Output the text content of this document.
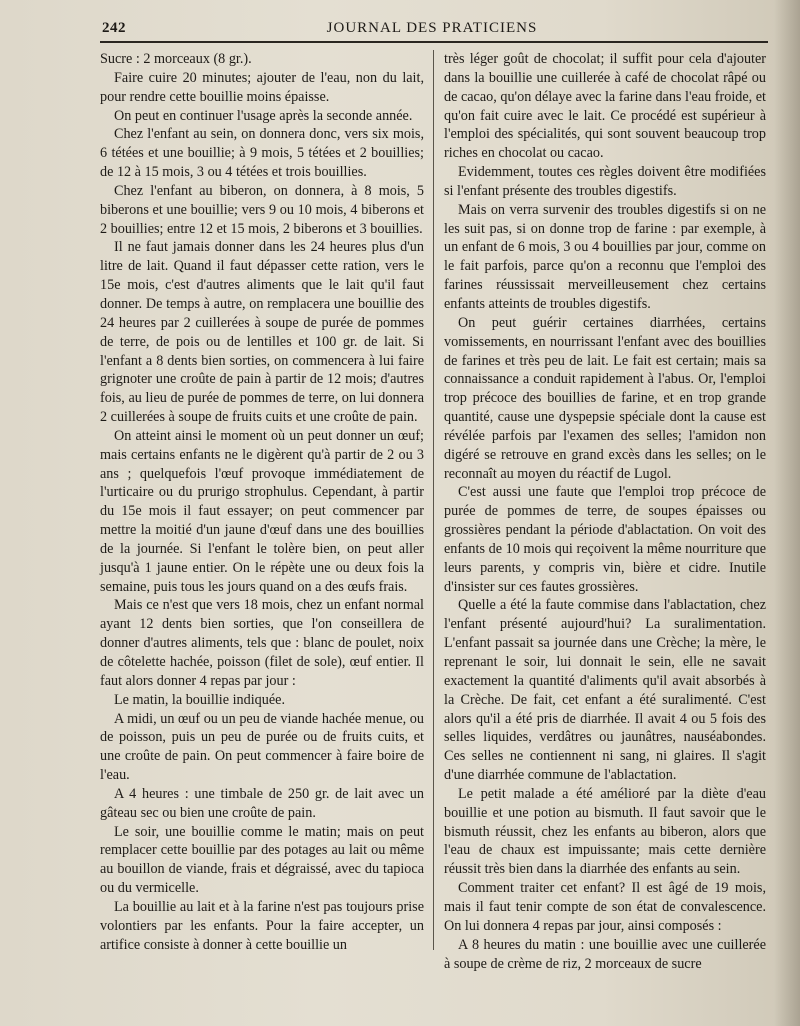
242	JOURNAL DES PRATICIENS

Sucre : 2 morceaux (8 gr.).

Faire cuire 20 minutes; ajouter de l'eau, non du lait, pour rendre cette bouillie moins épaisse.

On peut en continuer l'usage après la seconde année.

Chez l'enfant au sein, on donnera donc, vers six mois, 6 tétées et une bouillie; à 9 mois, 5 tétées et 2 bouillies; de 12 à 15 mois, 3 ou 4 tétées et trois bouillies.

Chez l'enfant au biberon, on donnera, à 8 mois, 5 biberons et une bouillie; vers 9 ou 10 mois, 4 biberons et 2 bouillies; entre 12 et 15 mois, 2 biberons et 3 bouillies.

Il ne faut jamais donner dans les 24 heures plus d'un litre de lait. Quand il faut dépasser cette ration, vers le 15e mois, c'est d'autres aliments que le lait qu'il faut donner. De temps à autre, on remplacera une bouillie des 24 heures par 2 cuillerées à soupe de purée de pommes de terre, de pois ou de lentilles et 100 gr. de lait. Si l'enfant a 8 dents bien sorties, on commencera à lui faire grignoter une croûte de pain à partir de 12 mois; d'autres fois, au lieu de purée de pommes de terre, on lui donnera 2 cuillerées à soupe de fruits cuits et une croûte de pain.

On atteint ainsi le moment où un peut donner un œuf; mais certains enfants ne le digèrent qu'à partir de 2 ou 3 ans ; quelquefois l'œuf provoque immédiatement de l'urticaire ou du prurigo strophulus. Cependant, à partir du 15e mois il faut essayer; on peut commencer par mettre la moitié d'un jaune d'œuf dans une des bouillies de la journée. Si l'enfant le tolère bien, on peut aller jusqu'à 1 jaune entier. On le répète une ou deux fois la semaine, puis tous les jours quand on a des œufs frais.

Mais ce n'est que vers 18 mois, chez un enfant normal ayant 12 dents bien sorties, que l'on conseillera de donner d'autres aliments, tels que : blanc de poulet, noix de côtelette hachée, poisson (filet de sole), œuf entier. Il faut alors donner 4 repas par jour :

Le matin, la bouillie indiquée.

A midi, un œuf ou un peu de viande hachée menue, ou de poisson, puis un peu de purée ou de fruits cuits, et une croûte de pain. On peut commencer à faire boire de l'eau.

A 4 heures : une timbale de 250 gr. de lait avec un gâteau sec ou bien une croûte de pain.

Le soir, une bouillie comme le matin; mais on peut remplacer cette bouillie par des potages au lait ou même au bouillon de viande, frais et dégraissé, avec du tapioca ou du vermicelle.

La bouillie au lait et à la farine n'est pas toujours prise volontiers par les enfants. Pour la faire accepter, un artifice consiste à donner à cette bouillie un

très léger goût de chocolat; il suffit pour cela d'ajouter dans la bouillie une cuillerée à café de chocolat râpé ou de cacao, qu'on délaye avec la farine dans l'eau froide, et qu'on fait cuire avec le lait. Ce procédé est supérieur à l'emploi des spécialités, qui sont souvent beaucoup trop riches en chocolat ou cacao.

Evidemment, toutes ces règles doivent être modifiées si l'enfant présente des troubles digestifs.

Mais on verra survenir des troubles digestifs si on ne les suit pas, si on donne trop de farine : par exemple, à un enfant de 6 mois, 3 ou 4 bouillies par jour, comme on le fait parfois, parce qu'on a reconnu que l'emploi des farines réussissait merveilleusement chez certains enfants atteints de troubles digestifs.

On peut guérir certaines diarrhées, certains vomissements, en nourrissant l'enfant avec des bouillies de farines et très peu de lait. Le fait est certain; mais sa connaissance a conduit rapidement à l'abus. Or, l'emploi trop précoce des bouillies de farine, et en trop grande quantité, cause une dyspepsie spéciale dont la cause est révélée parfois par l'examen des selles; l'amidon non digéré se retrouve en grand excès dans les selles; on le reconnaît au moyen du réactif de Lugol.

C'est aussi une faute que l'emploi trop précoce de purée de pommes de terre, de soupes épaisses ou grossières pendant la période d'ablactation. On voit des enfants de 10 mois qui reçoivent la même nourriture que leurs parents, y compris vin, bière et cidre. Inutile d'insister sur ces fautes grossières.

Quelle a été la faute commise dans l'ablactation, chez l'enfant présenté aujourd'hui? La suralimentation. L'enfant passait sa journée dans une Crèche; la mère, le reprenant le soir, lui donnait le sein, elle ne savait exactement la quantité d'aliments qu'il avait absorbés à la Crèche. De fait, cet enfant a été suralimenté. C'est alors qu'il a été pris de diarrhée. Il avait 4 ou 5 fois des selles liquides, verdâtres ou jaunâtres, nauséabondes. Ces selles ne contiennent ni sang, ni glaires. Il s'agit d'une diarrhée commune de l'ablactation.

Le petit malade a été amélioré par la diète d'eau bouillie et une potion au bismuth. Il faut savoir que le bismuth réussit, chez les enfants au biberon, alors que l'eau de chaux est impuissante; mais cette dernière réussit très bien dans la diarrhée des enfants au sein.

Comment traiter cet enfant? Il est âgé de 19 mois, mais il faut tenir compte de son état de convalescence. On lui donnera 4 repas par jour, ainsi composés :

A 8 heures du matin : une bouillie avec une cuillerée à soupe de crème de riz, 2 morceaux de sucre
